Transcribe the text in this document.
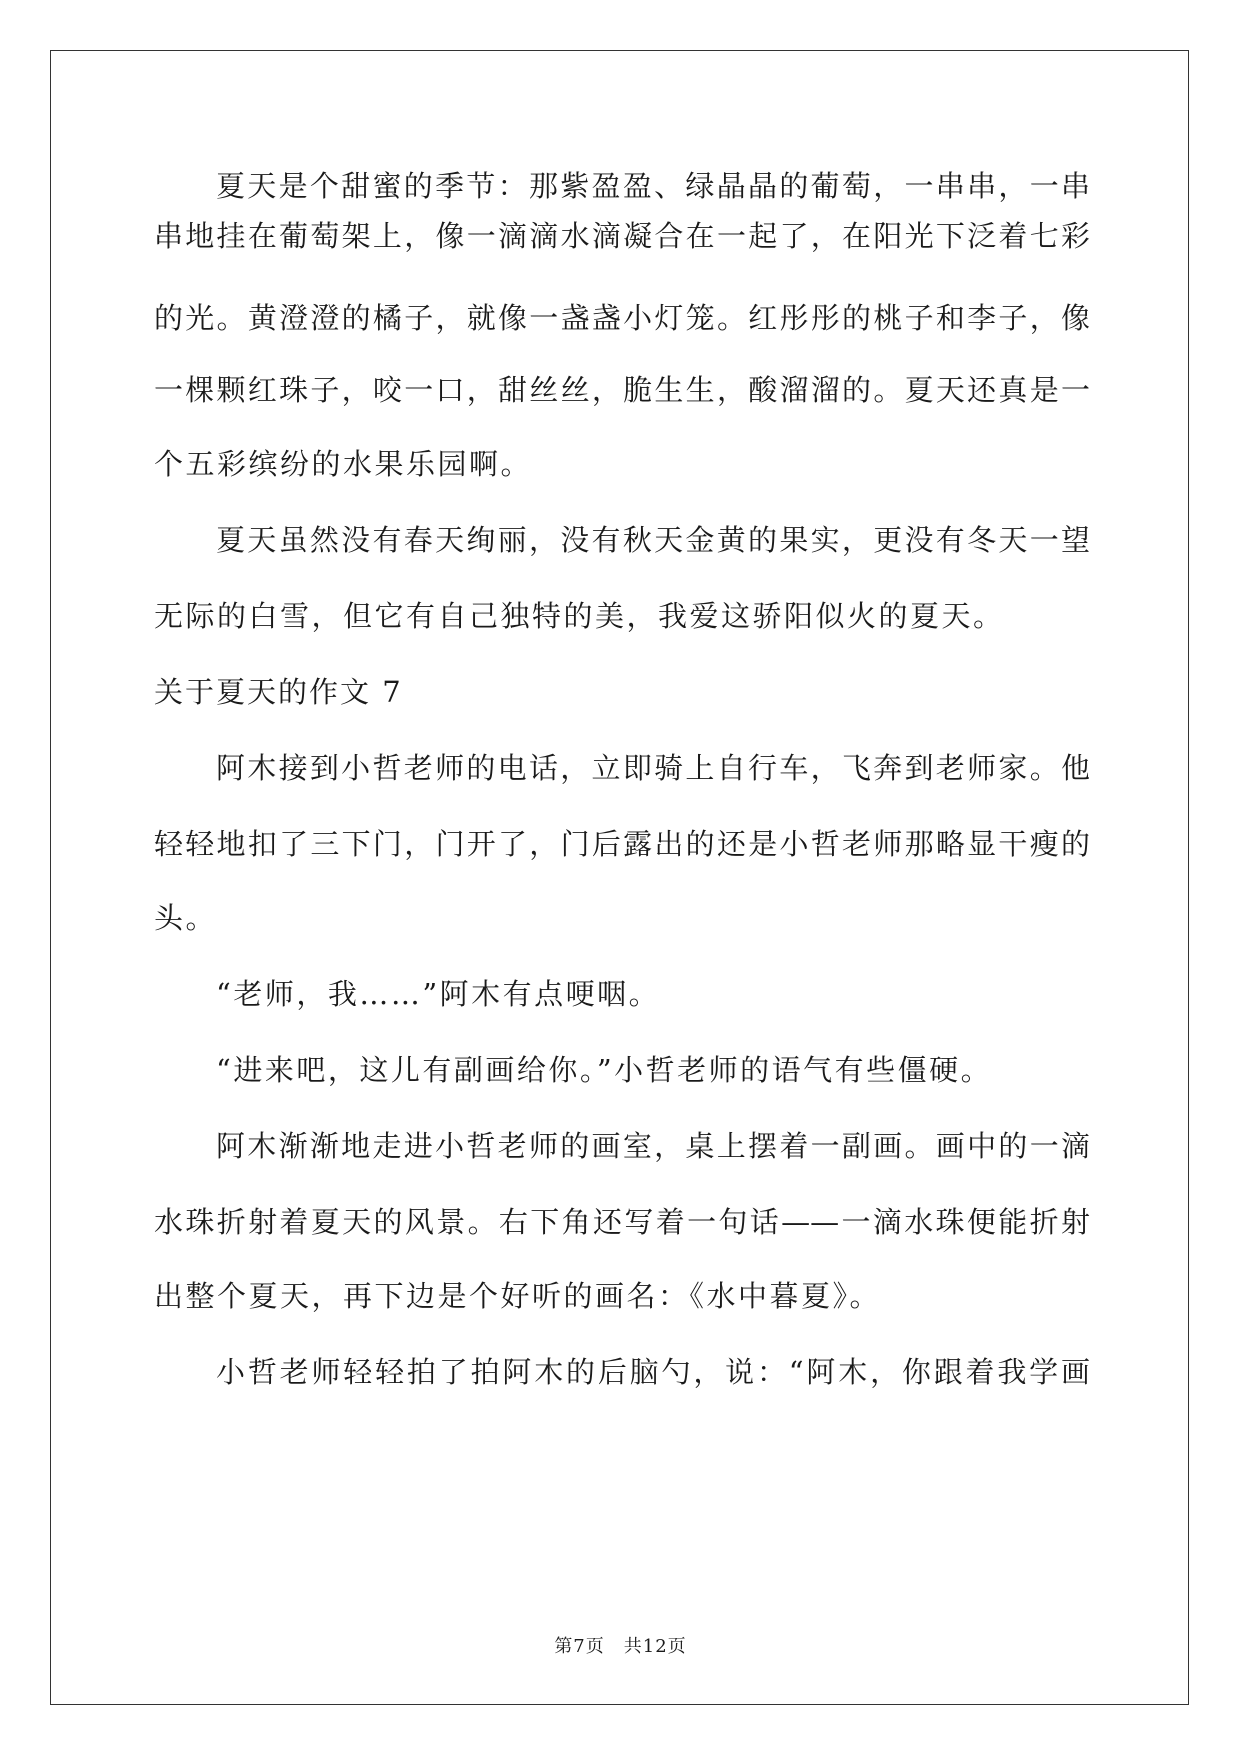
夏天是个甜蜜的季节：那紫盈盈、绿晶晶的葡萄，一串串，一串
串地挂在葡萄架上，像一滴滴水滴凝合在一起了，在阳光下泛着七彩
的光。黄澄澄的橘子，就像一盏盏小灯笼。红彤彤的桃子和李子，像
一棵颗红珠子，咬一口，甜丝丝，脆生生，酸溜溜的。夏天还真是一
个五彩缤纷的水果乐园啊。
夏天虽然没有春天绚丽，没有秋天金黄的果实，更没有冬天一望
无际的白雪，但它有自己独特的美，我爱这骄阳似火的夏天。
关于夏天的作文 7
阿木接到小哲老师的电话，立即骑上自行车，飞奔到老师家。他
轻轻地扣了三下门，门开了，门后露出的还是小哲老师那略显干瘦的
头。
“老师，我……”阿木有点哽咽。
“进来吧，这儿有副画给你。”小哲老师的语气有些僵硬。
阿木渐渐地走进小哲老师的画室，桌上摆着一副画。画中的一滴
水珠折射着夏天的风景。右下角还写着一句话——一滴水珠便能折射
出整个夏天，再下边是个好听的画名：《水中暮夏》。
小哲老师轻轻拍了拍阿木的后脑勺，说：“阿木，你跟着我学画
第7页　共12页
